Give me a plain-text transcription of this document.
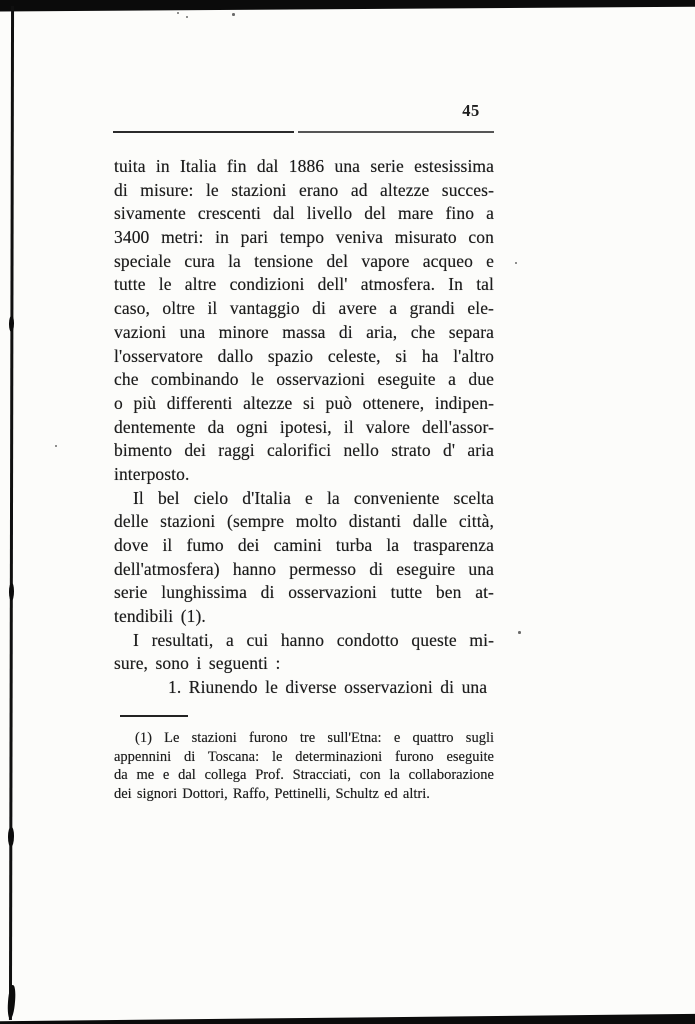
45
tuita in Italia fin dal 1886 una serie estesissima
di misure: le stazioni erano ad altezze succes-
sivamente crescenti dal livello del mare fino a
3400 metri: in pari tempo veniva misurato con
speciale cura la tensione del vapore acqueo e
tutte le altre condizioni dell' atmosfera. In tal
caso, oltre il vantaggio di avere a grandi ele-
vazioni una minore massa di aria, che separa
l'osservatore dallo spazio celeste, si ha l'altro
che combinando le osservazioni eseguite a due
o più differenti altezze si può ottenere, indipen-
dentemente da ogni ipotesi, il valore dell'assor-
bimento dei raggi calorifici nello strato d' aria
interposto.
Il bel cielo d'Italia e la conveniente scelta
delle stazioni (sempre molto distanti dalle città,
dove il fumo dei camini turba la trasparenza
dell'atmosfera) hanno permesso di eseguire una
serie lunghissima di osservazioni tutte ben at-
tendibili (1).
I resultati, a cui hanno condotto queste mi-
sure, sono i seguenti :
1. Riunendo le diverse osservazioni di una
(1) Le stazioni furono tre sull'Etna: e quattro sugli
appennini di Toscana: le determinazioni furono eseguite
da me e dal collega Prof. Stracciati, con la collaborazione
dei signori Dottori, Raffo, Pettinelli, Schultz ed altri.
